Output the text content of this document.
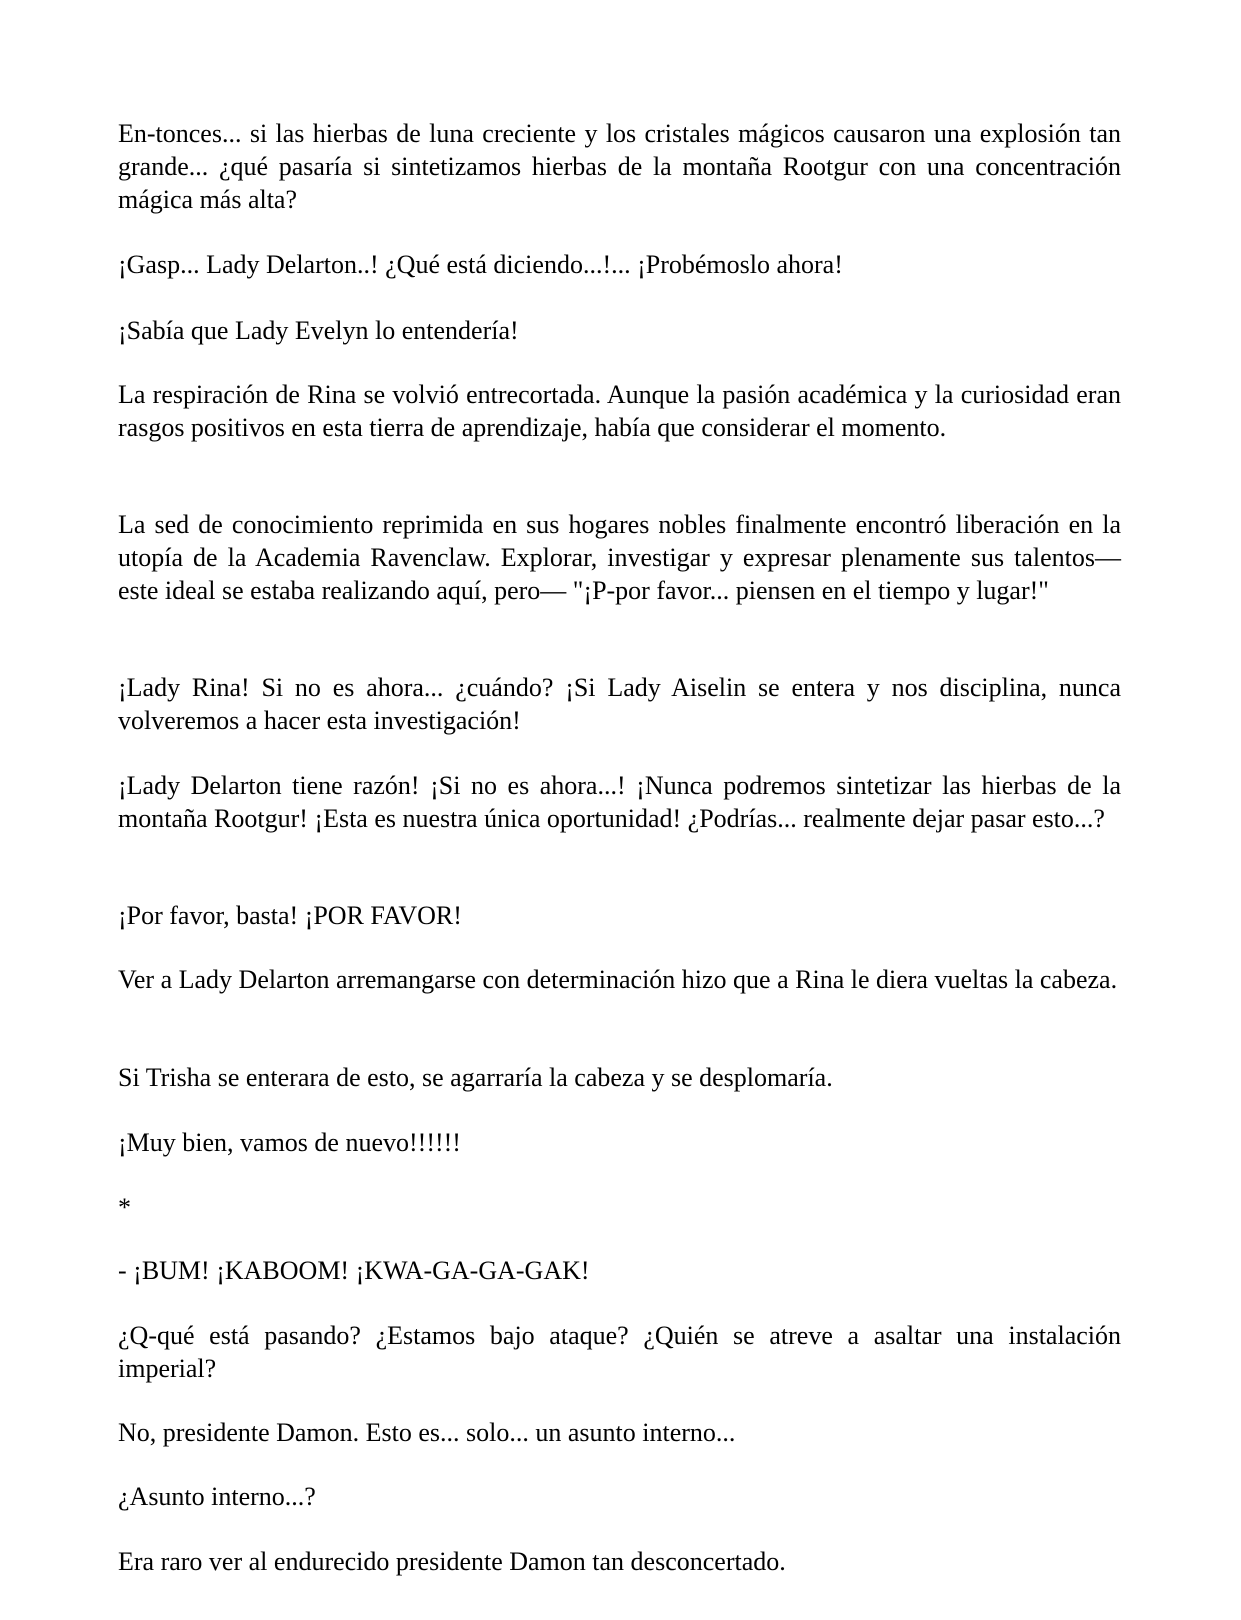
En-tonces... si las hierbas de luna creciente y los cristales mágicos causaron una explosión tan grande... ¿qué pasaría si sintetizamos hierbas de la montaña Rootgur con una concentración mágica más alta?

¡Gasp... Lady Delarton..! ¿Qué está diciendo...!... ¡Probémoslo ahora!

¡Sabía que Lady Evelyn lo entendería!

La respiración de Rina se volvió entrecortada. Aunque la pasión académica y la curiosidad eran rasgos positivos en esta tierra de aprendizaje, había que considerar el momento.

La sed de conocimiento reprimida en sus hogares nobles finalmente encontró liberación en la utopía de la Academia Ravenclaw. Explorar, investigar y expresar plenamente sus talentos—este ideal se estaba realizando aquí, pero— "¡P-por favor... piensen en el tiempo y lugar!"

¡Lady Rina! Si no es ahora... ¿cuándo? ¡Si Lady Aiselin se entera y nos disciplina, nunca volveremos a hacer esta investigación!

¡Lady Delarton tiene razón! ¡Si no es ahora...! ¡Nunca podremos sintetizar las hierbas de la montaña Rootgur! ¡Esta es nuestra única oportunidad! ¿Podrías... realmente dejar pasar esto...?

¡Por favor, basta! ¡POR FAVOR!

Ver a Lady Delarton arremangarse con determinación hizo que a Rina le diera vueltas la cabeza.

Si Trisha se enterara de esto, se agarraría la cabeza y se desplomaría.

¡Muy bien, vamos de nuevo!!!!!!

*

- ¡BUM! ¡KABOOM! ¡KWA-GA-GA-GAK!

¿Q-qué está pasando? ¿Estamos bajo ataque? ¿Quién se atreve a asaltar una instalación imperial?

No, presidente Damon. Esto es... solo... un asunto interno...

¿Asunto interno...?

Era raro ver al endurecido presidente Damon tan desconcertado.
